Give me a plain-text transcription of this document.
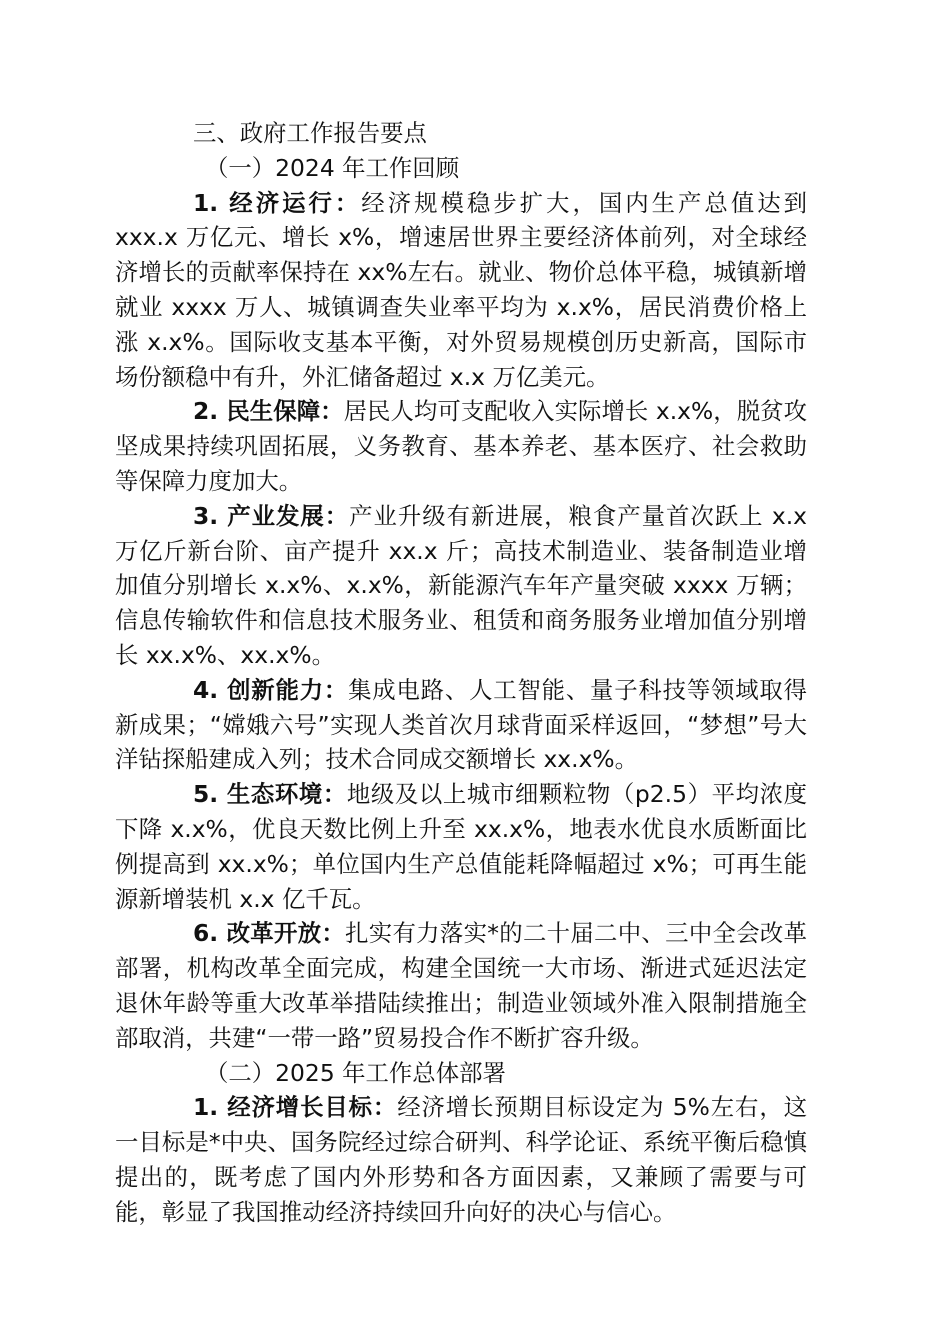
三、政府工作报告要点

（一）2024 年工作回顾

1. 经济运行：经济规模稳步扩大，国内生产总值达到 xxx.x 万亿元、增长 x%，增速居世界主要经济体前列，对全球经济增长的贡献率保持在 xx%左右。就业、物价总体平稳，城镇新增就业 xxxx 万人、城镇调查失业率平均为 x.x%，居民消费价格上涨 x.x%。国际收支基本平衡，对外贸易规模创历史新高，国际市场份额稳中有升，外汇储备超过 x.x 万亿美元。

2. 民生保障：居民人均可支配收入实际增长 x.x%，脱贫攻坚成果持续巩固拓展，义务教育、基本养老、基本医疗、社会救助等保障力度加大。

3. 产业发展：产业升级有新进展，粮食产量首次跃上 x.x 万亿斤新台阶、亩产提升 xx.x 斤；高技术制造业、装备制造业增加值分别增长 x.x%、x.x%，新能源汽车年产量突破 xxxx 万辆；信息传输软件和信息技术服务业、租赁和商务服务业增加值分别增长 xx.x%、xx.x%。

4. 创新能力：集成电路、人工智能、量子科技等领域取得新成果；“嫦娥六号”实现人类首次月球背面采样返回，“梦想”号大洋钻探船建成入列；技术合同成交额增长 xx.x%。

5. 生态环境：地级及以上城市细颗粒物（p2.5）平均浓度下降 x.x%，优良天数比例上升至 xx.x%，地表水优良水质断面比例提高到 xx.x%；单位国内生产总值能耗降幅超过 x%；可再生能源新增装机 x.x 亿千瓦。

6. 改革开放：扎实有力落实*的二十届二中、三中全会改革部署，机构改革全面完成，构建全国统一大市场、渐进式延迟法定退休年龄等重大改革举措陆续推出；制造业领域外准入限制措施全部取消，共建“一带一路”贸易投合作不断扩容升级。

（二）2025 年工作总体部署

1. 经济增长目标：经济增长预期目标设定为 5%左右，这一目标是*中央、国务院经过综合研判、科学论证、系统平衡后稳慎提出的，既考虑了国内外形势和各方面因素，又兼顾了需要与可能，彰显了我国推动经济持续回升向好的决心与信心。
